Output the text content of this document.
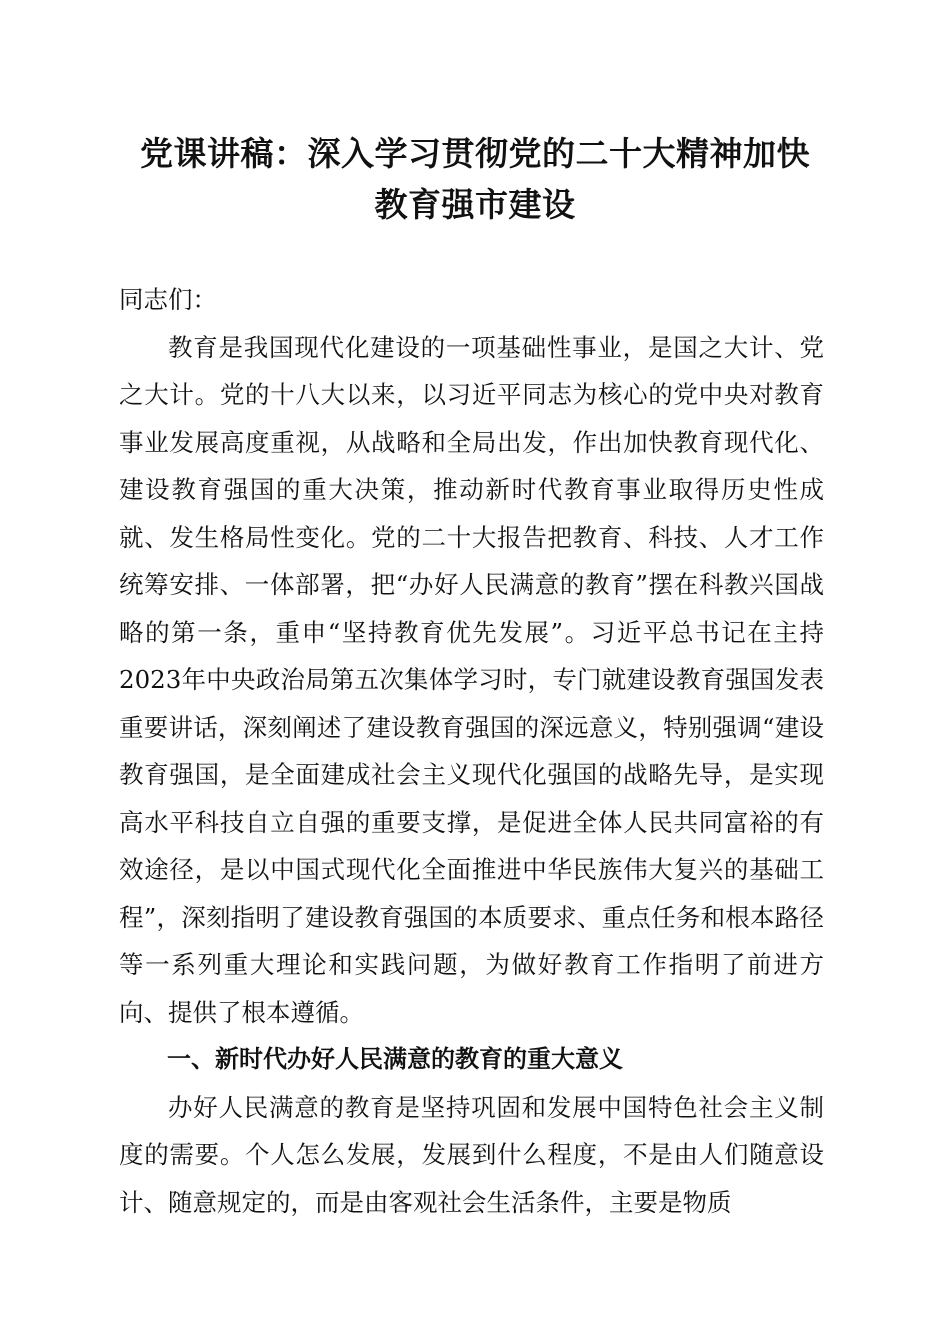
党课讲稿：深入学习贯彻党的二十大精神加快
教育强市建设

同志们：

教育是我国现代化建设的一项基础性事业，是国之大计、党之大计。党的十八大以来，以习近平同志为核心的党中央对教育事业发展高度重视，从战略和全局出发，作出加快教育现代化、建设教育强国的重大决策，推动新时代教育事业取得历史性成就、发生格局性变化。党的二十大报告把教育、科技、人才工作统筹安排、一体部署，把“办好人民满意的教育”摆在科教兴国战略的第一条，重申“坚持教育优先发展”。习近平总书记在主持2023年中央政治局第五次集体学习时，专门就建设教育强国发表重要讲话，深刻阐述了建设教育强国的深远意义，特别强调“建设教育强国，是全面建成社会主义现代化强国的战略先导，是实现高水平科技自立自强的重要支撑，是促进全体人民共同富裕的有效途径，是以中国式现代化全面推进中华民族伟大复兴的基础工程”，深刻指明了建设教育强国的本质要求、重点任务和根本路径等一系列重大理论和实践问题，为做好教育工作指明了前进方向、提供了根本遵循。

一、新时代办好人民满意的教育的重大意义

办好人民满意的教育是坚持巩固和发展中国特色社会主义制度的需要。个人怎么发展，发展到什么程度，不是由人们随意设计、随意规定的，而是由客观社会生活条件，主要是物质
